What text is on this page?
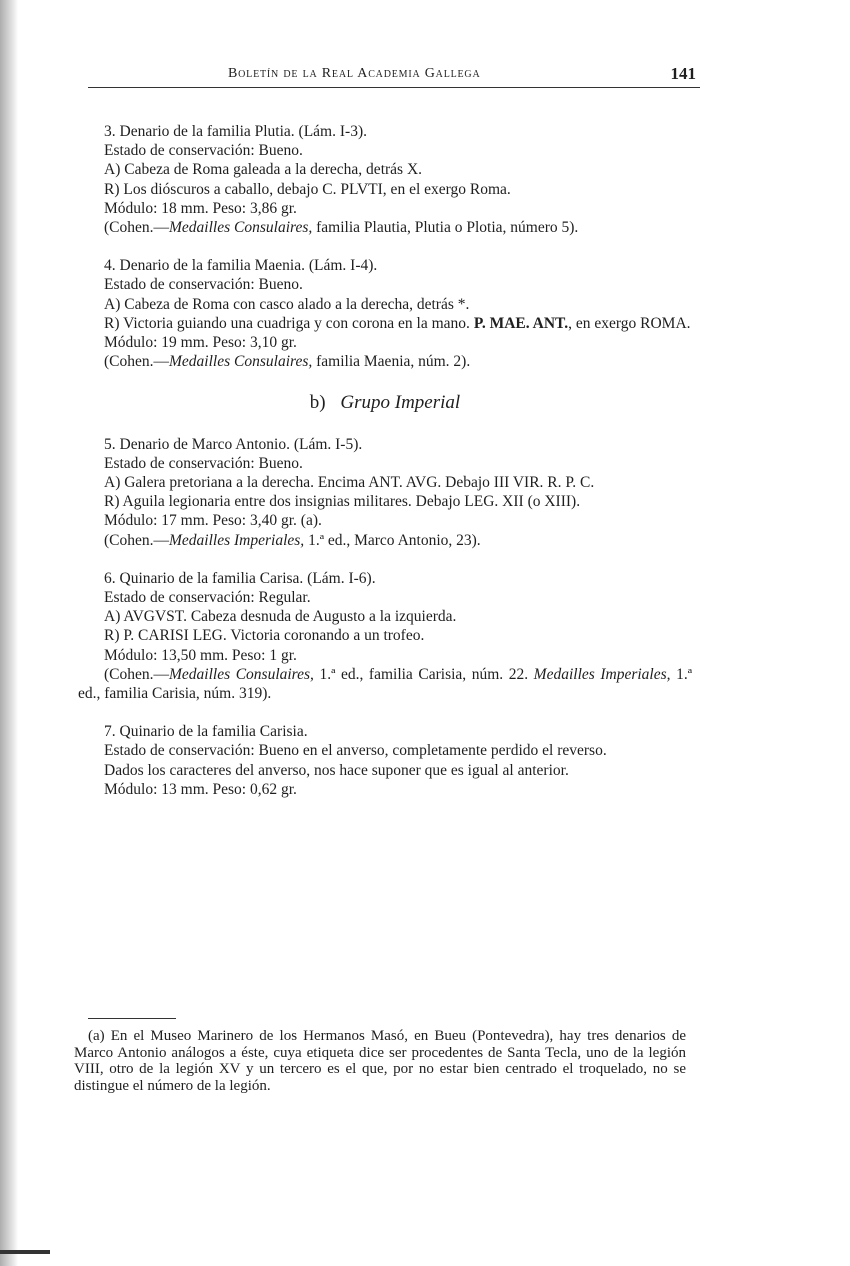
Boletín de la Real Academia Gallega	141

3. Denario de la familia Plutia. (Lám. I-3).

Estado de conservación: Bueno.

A) Cabeza de Roma galeada a la derecha, detrás X.

R) Los dióscuros a caballo, debajo C. PLVTI, en el exergo Roma.

Módulo: 18 mm. Peso: 3,86 gr.

(Cohen.—Medailles Consulaires, familia Plautia, Plutia o Plotia, número 5).

4. Denario de la familia Maenia. (Lám. I-4).

Estado de conservación: Bueno.

A) Cabeza de Roma con casco alado a la derecha, detrás *.

R) Victoria guiando una cuadriga y con corona en la mano. P. MAE. ANT., en exergo ROMA.

Módulo: 19 mm. Peso: 3,10 gr.

(Cohen.—Medailles Consulaires, familia Maenia, núm. 2).

b) Grupo Imperial

5. Denario de Marco Antonio. (Lám. I-5).

Estado de conservación: Bueno.

A) Galera pretoriana a la derecha. Encima ANT. AVG. Debajo III VIR. R. P. C.

R) Aguila legionaria entre dos insignias militares. Debajo LEG. XII (o XIII).

Módulo: 17 mm. Peso: 3,40 gr. (a).

(Cohen.—Medailles Imperiales, 1.ª ed., Marco Antonio, 23).

6. Quinario de la familia Carisa. (Lám. I-6).

Estado de conservación: Regular.

A) AVGVST. Cabeza desnuda de Augusto a la izquierda.

R) P. CARISI LEG. Victoria coronando a un trofeo.

Módulo: 13,50 mm. Peso: 1 gr.

(Cohen.—Medailles Consulaires, 1.ª ed., familia Carisia, núm. 22. Medailles Imperiales, 1.ª ed., familia Carisia, núm. 319).

7. Quinario de la familia Carisia.

Estado de conservación: Bueno en el anverso, completamente perdido el reverso.

Dados los caracteres del anverso, nos hace suponer que es igual al anterior.

Módulo: 13 mm. Peso: 0,62 gr.

(a) En el Museo Marinero de los Hermanos Masó, en Bueu (Pontevedra), hay tres denarios de Marco Antonio análogos a éste, cuya etiqueta dice ser procedentes de Santa Tecla, uno de la legión VIII, otro de la legión XV y un tercero es el que, por no estar bien centrado el troquelado, no se distingue el número de la legión.
